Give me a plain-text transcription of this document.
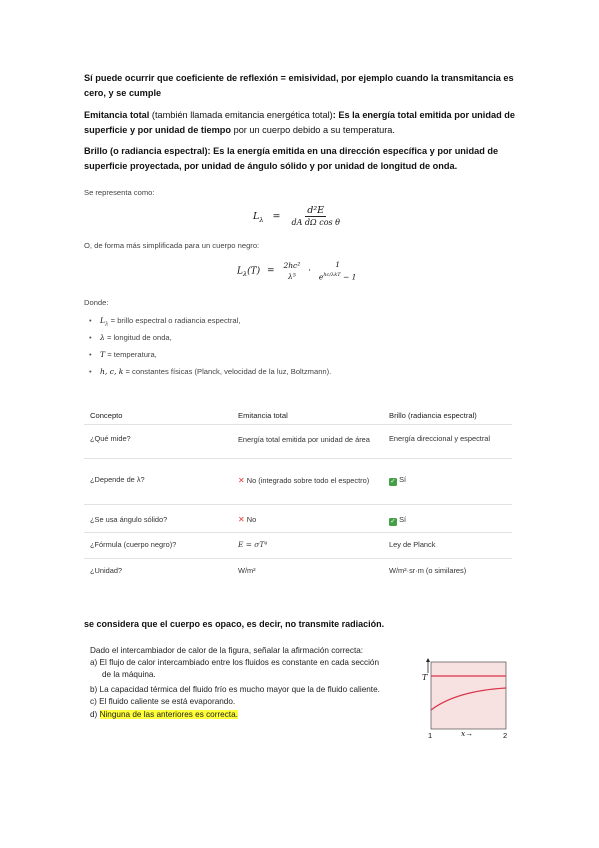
Sí puede ocurrir que coeficiente de reflexión = emisividad, por ejemplo cuando la transmitancia es cero, y se cumple
Emitancia total (también llamada emitancia energética total): Es la energía total emitida por unidad de superficie y por unidad de tiempo por un cuerpo debido a su temperatura.
Brillo (o radiancia espectral): Es la energía emitida en una dirección específica y por unidad de superficie proyectada, por unidad de ángulo sólido y por unidad de longitud de onda.
Se representa como:
$L_\lambda = \frac{\text{d²E}}{\text{dA dΩ cos θ}}$
O, de forma más simplificada para un cuerpo negro:
$L_\lambda(T)$ =
2hc²
λ⁵ ·
1
$e^{hc/\lambda kT} - 1$
Donde:
• $L_\lambda$ = brillo espectral o radiancia espectral,
• λ = longitud de onda,
• T = temperatura,
• h, c, k = constantes físicas (Planck, velocidad de la luz, Boltzmann).
Concepto	Emitancia total	Brillo (radiancia espectral)
¿Qué mide?	Energía total emitida por unidad de área	Energía direccional y espectral
¿Depende de λ?	✕ No (integrado sobre todo el espectro)	✓ Sí
¿Se usa ángulo sólido?	✕ No	✓ Sí
¿Fórmula (cuerpo negro)?	E = σT⁴	Ley de Planck
¿Unidad?	W/m²	W/m²·sr·m (o similares)
se considera que el cuerpo es opaco, es decir, no transmite radiación.
Dado el intercambiador de calor de la figura, señalar la afirmación correcta:
a) El flujo de calor intercambiado entre los fluidos es constante en cada sección
de la máquina.
b) La capacidad térmica del fluido frío es mucho mayor que la de fluido caliente.
c) El fluido caliente se está evaporando.
d) Ninguna de las anteriores es correcta.
T
1	2
x→
